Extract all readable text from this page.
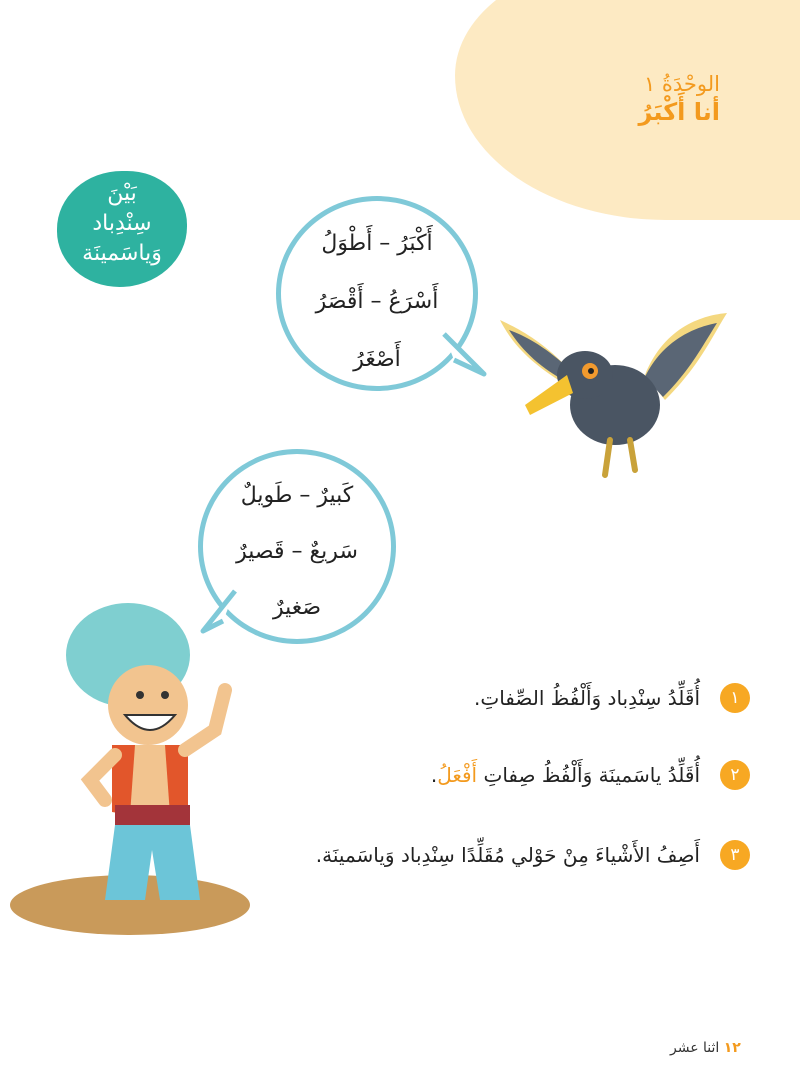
الوحْدَةُ ١
أنا أَكْبَرُ
بَيْنَ
سِنْدِباد
وَياسَمينَة	أَكْبَرُ – أَطْوَلُ
أَسْرَعُ – أَقْصَرُ
أَصْغَرُ
كَبيرٌ – طَويلٌ
سَريعٌ – قَصيرٌ
صَغيرٌ
١
أُقَلِّدُ سِنْدِباد وَأَلْفُظُ الصِّفاتِ.
٢
أُقَلِّدُ ياسَمينَة وَأَلْفُظُ صِفاتِ

أَفْعَلُ
.
٣
أَصِفُ الأَشْياءَ مِنْ حَوْلي مُقَلِّدًا سِنْدِباد وَياسَمينَة.
١٢ اثنا عشر
